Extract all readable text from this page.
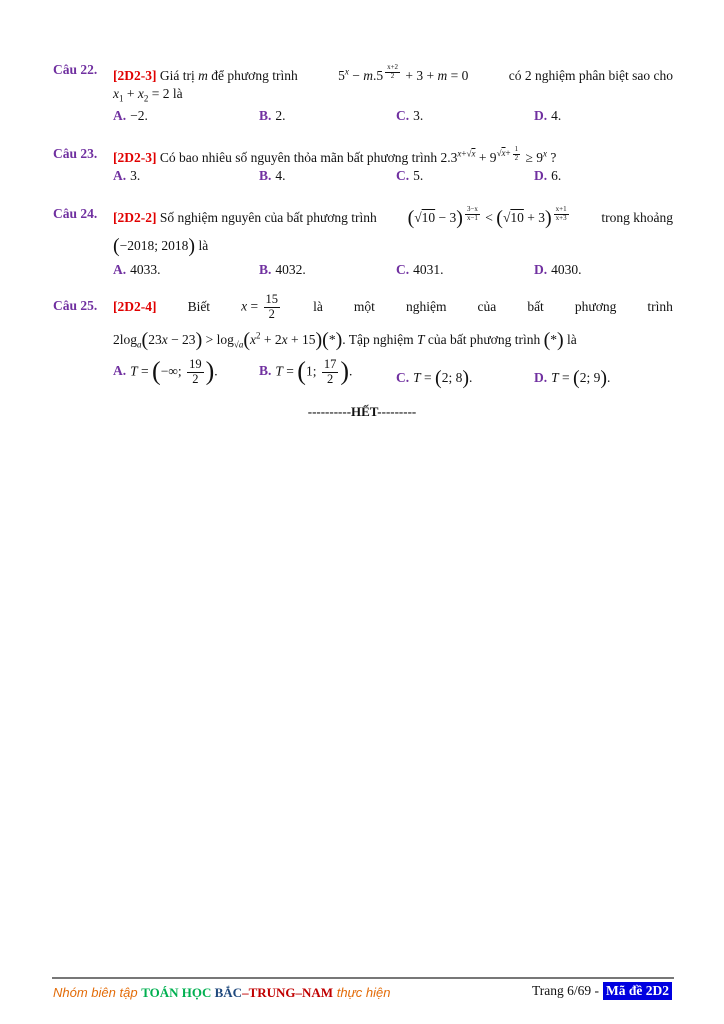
Câu 22. [2D2-3] Giá trị m để phương trình	$5^x - m.5$ $^{\frac{x+2}{2}}$ + 3 + m = 0	có 2 nghiệm phân biệt sao cho
$x_1 + x_2 = 2$ là
A. −2.	B. 2.	C. 3.	D. 4.
Câu 23. [2D2-3] Có bao nhiêu số nguyên thỏa mãn bất phương trình $2.3^{x+√x} + 9^{√x+ \frac{1}{2}} \ge 9^x$ ?
A. 3.	B. 4.	C. 5.	D. 6.
Câu 24. [2D2-2] Số nghiệm nguyên của bất phương trình (√10 − 3) $^{\frac{3-x}{x-1}}$ < (√10 + 3) $^{\frac{x+1}{x+3}}$ trong khoảng
(−2018; 2018) là
A. 4033.	B. 4032.	C. 4031.	D. 4030.
Câu 25. [2D2-4] Biết $x = \frac{15}{2}$ là một nghiệm của bất phương trình
$2\log_a(23x - 23) > \log_{√a}(x^2 + 2x + 15)(*)$. Tập nghiệm T của bất phương trình (*) là
A. T = (−∞; $\frac{19}{2}$ ).	B. T = (1; $\frac{17}{2}$ ).	C. T = (2; 8).	D. T = (2; 9).
----------HẾT---------
Nhóm biên tập TOÁN HỌC BẮC–TRUNG–NAM thực hiện	Trang 6/69 - Mã đề 2D2
